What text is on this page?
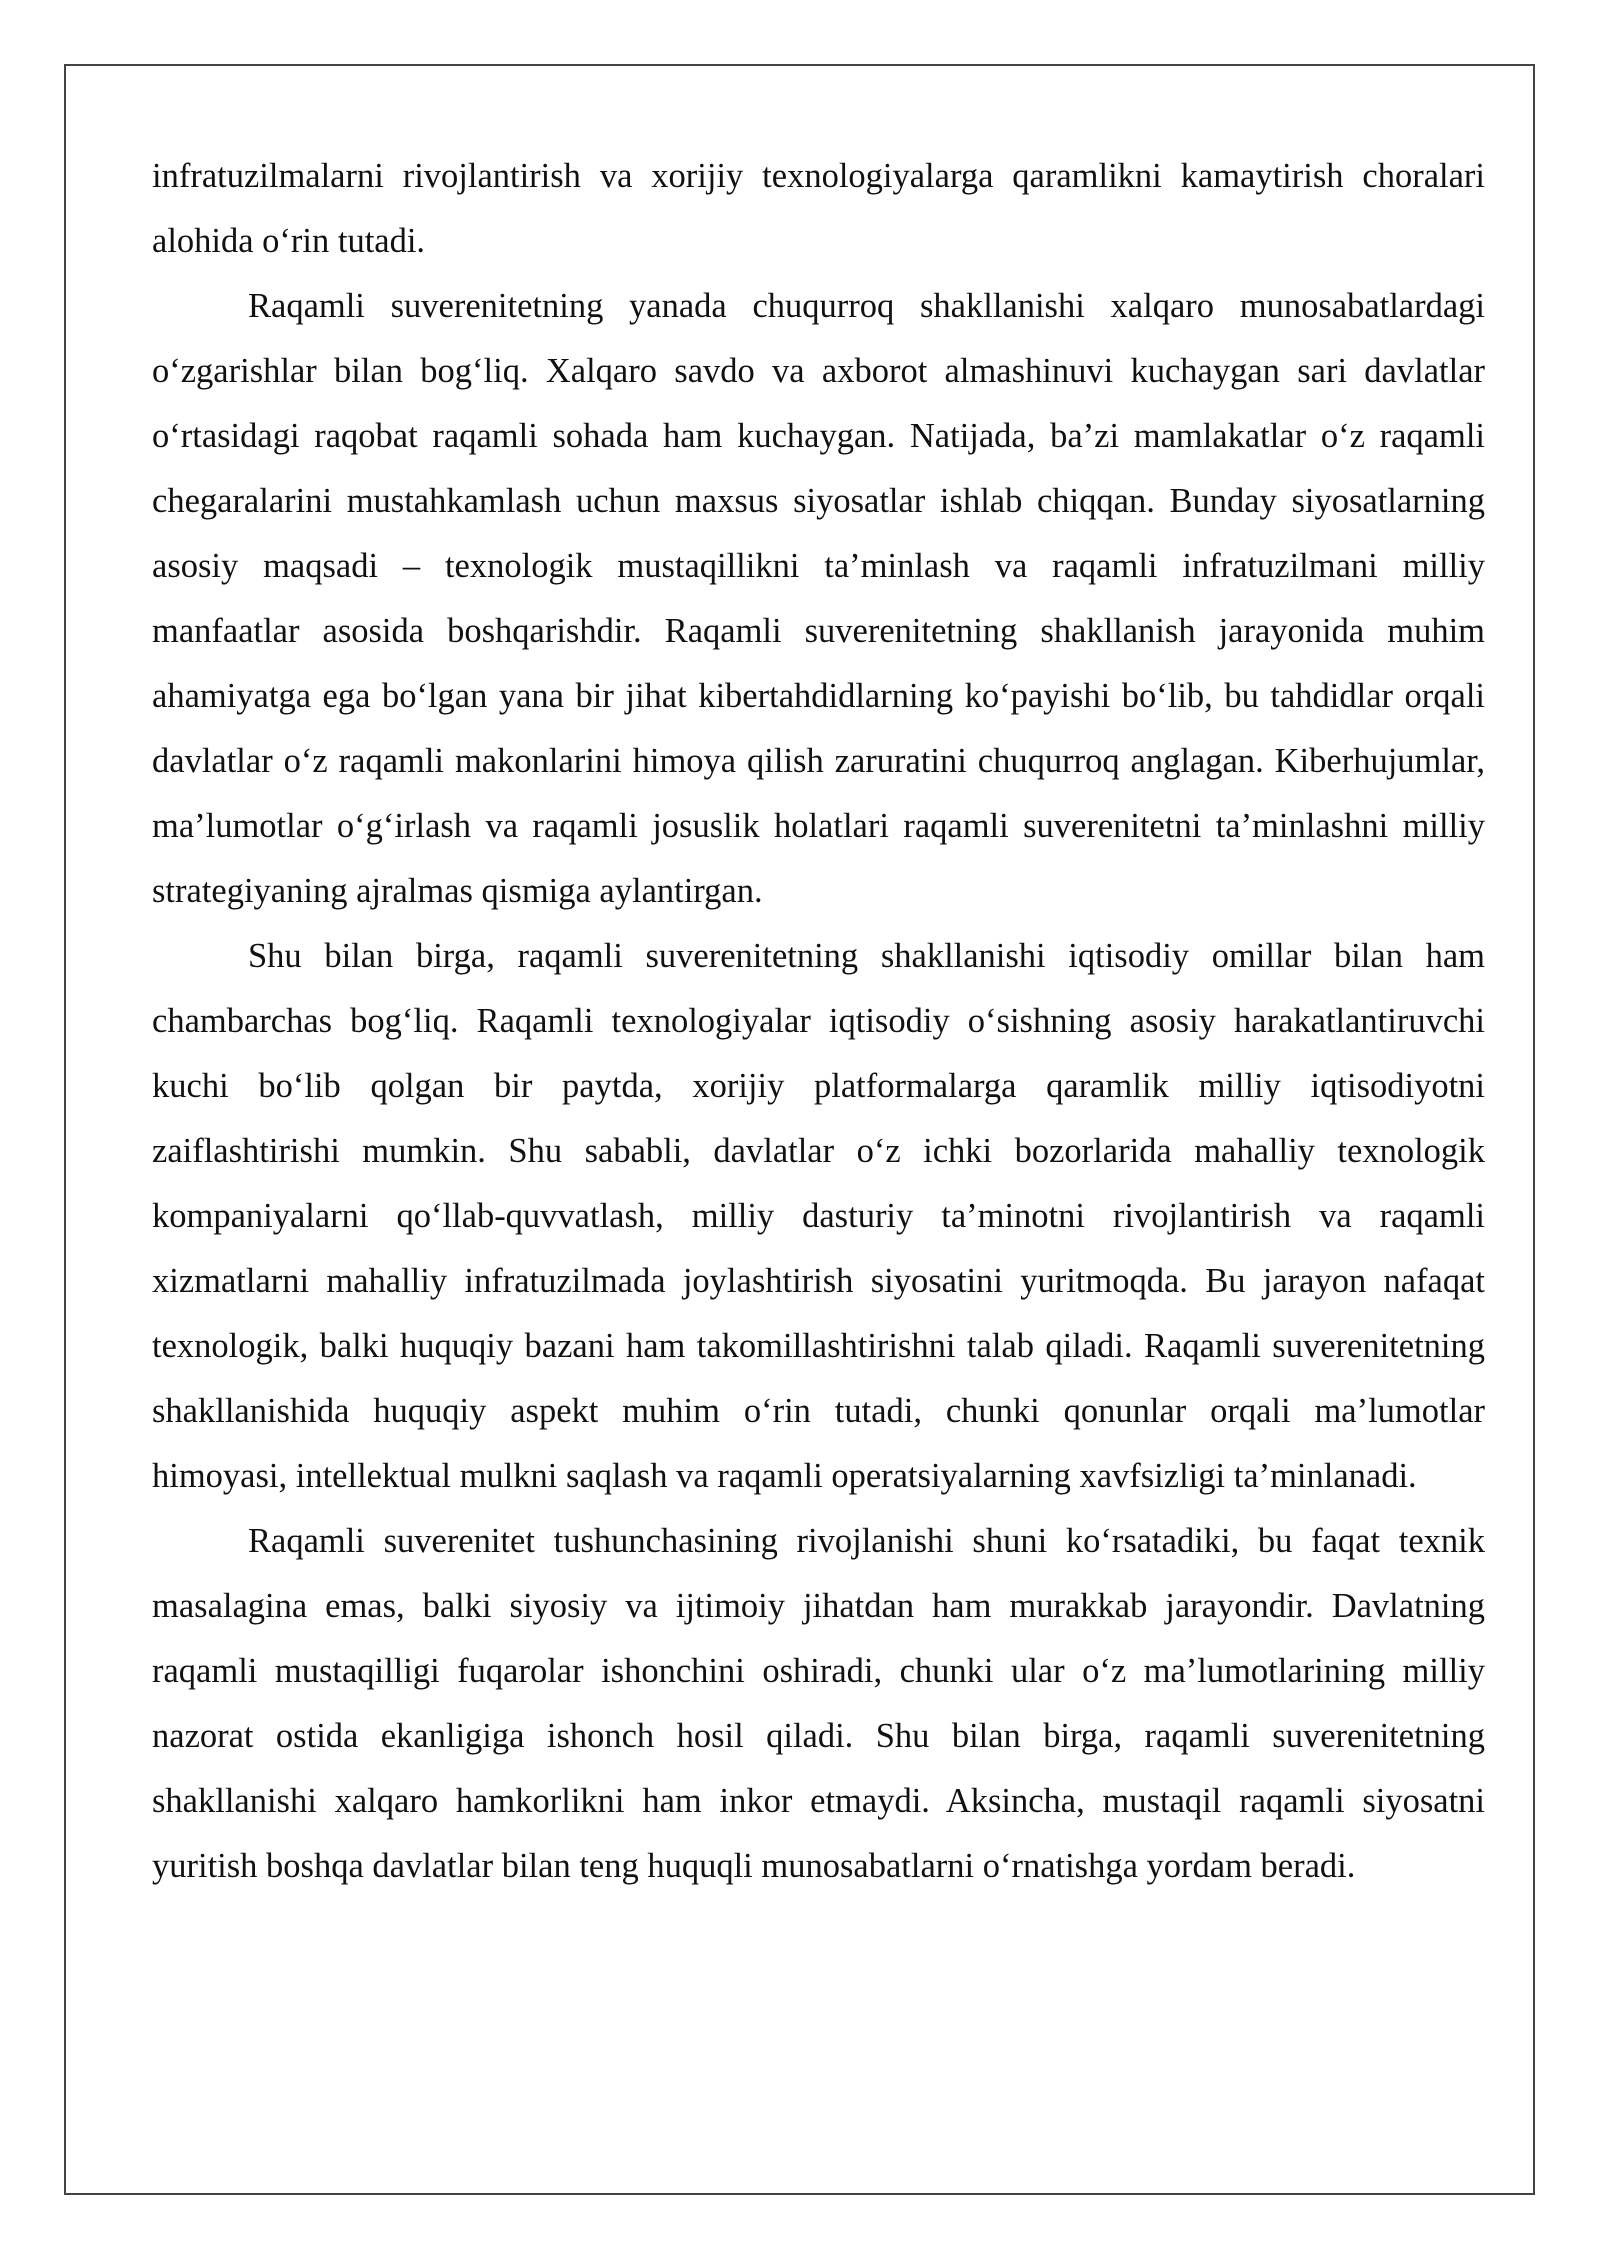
infratuzilmalarni rivojlantirish va xorijiy texnologiyalarga qaramlikni kamaytirish choralari alohida o‘rin tutadi.

Raqamli suverenitetning yanada chuqurroq shakllanishi xalqaro munosabatlardagi o‘zgarishlar bilan bog‘liq. Xalqaro savdo va axborot almashinuvi kuchaygan sari davlatlar o‘rtasidagi raqobat raqamli sohada ham kuchaygan. Natijada, ba’zi mamlakatlar o‘z raqamli chegaralarini mustahkamlash uchun maxsus siyosatlar ishlab chiqqan. Bunday siyosatlarning asosiy maqsadi – texnologik mustaqillikni ta’minlash va raqamli infratuzilmani milliy manfaatlar asosida boshqarishdir. Raqamli suverenitetning shakllanish jarayonida muhim ahamiyatga ega bo‘lgan yana bir jihat kibertahdidlarning ko‘payishi bo‘lib, bu tahdidlar orqali davlatlar o‘z raqamli makonlarini himoya qilish zaruratini chuqurroq anglagan. Kiberhujumlar, ma’lumotlar o‘g‘irlash va raqamli josuslik holatlari raqamli suverenitetni ta’minlashni milliy strategiyaning ajralmas qismiga aylantirgan.

Shu bilan birga, raqamli suverenitetning shakllanishi iqtisodiy omillar bilan ham chambarchas bog‘liq. Raqamli texnologiyalar iqtisodiy o‘sishning asosiy harakatlantiruvchi kuchi bo‘lib qolgan bir paytda, xorijiy platformalarga qaramlik milliy iqtisodiyotni zaiflashtirishi mumkin. Shu sababli, davlatlar o‘z ichki bozorlarida mahalliy texnologik kompaniyalarni qo‘llab-quvvatlash, milliy dasturiy ta’minotni rivojlantirish va raqamli xizmatlarni mahalliy infratuzilmada joylashtirish siyosatini yuritmoqda. Bu jarayon nafaqat texnologik, balki huquqiy bazani ham takomillashtirishni talab qiladi. Raqamli suverenitetning shakllanishida huquqiy aspekt muhim o‘rin tutadi, chunki qonunlar orqali ma’lumotlar himoyasi, intellektual mulkni saqlash va raqamli operatsiyalarning xavfsizligi ta’minlanadi.

Raqamli suverenitet tushunchasining rivojlanishi shuni ko‘rsatadiki, bu faqat texnik masalagina emas, balki siyosiy va ijtimoiy jihatdan ham murakkab jarayondir. Davlatning raqamli mustaqilligi fuqarolar ishonchini oshiradi, chunki ular o‘z ma’lumotlarining milliy nazorat ostida ekanligiga ishonch hosil qiladi. Shu bilan birga, raqamli suverenitetning shakllanishi xalqaro hamkorlikni ham inkor etmaydi. Aksincha, mustaqil raqamli siyosatni yuritish boshqa davlatlar bilan teng huquqli munosabatlarni o‘rnatishga yordam beradi.
